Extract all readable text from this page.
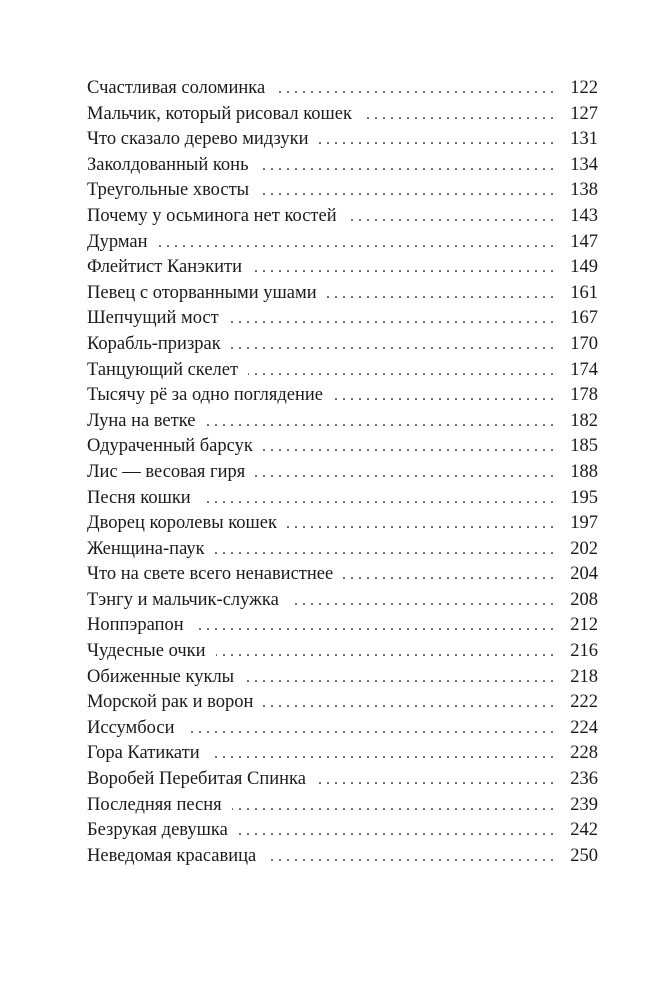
Счастливая соломинка . . .	122
Мальчик, который рисовал кошек . . .	127
Что сказало дерево мидзуки . . .	131
Заколдованный конь . . .	134
Треугольные хвосты . . .	138
Почему у осьминога нет костей . . .	143
Дурман . . .	147
Флейтист Канэкити . . .	149
Певец с оторванными ушами . . .	161
Шепчущий мост . . .	167
Корабль-призрак . . .	170
Танцующий скелет . . .	174
Тысячу рё за одно поглядение . . .	178
Луна на ветке . . .	182
Одураченный барсук . . .	185
Лис — весовая гиря . . .	188
Песня кошки . . .	195
Дворец королевы кошек . . .	197
Женщина-паук . . .	202
Что на свете всего ненавистнее . . .	204
Тэнгу и мальчик-служка . . .	208
Ноппэрапон . . .	212
Чудесные очки . . .	216
Обиженные куклы . . .	218
Морской рак и ворон . . .	222
Иссумбоси . . .	224
Гора Катикати . . .	228
Воробей Перебитая Спинка . . .	236
Последняя песня . . .	239
Безрукая девушка . . .	242
Неведомая красавица . . .	250
